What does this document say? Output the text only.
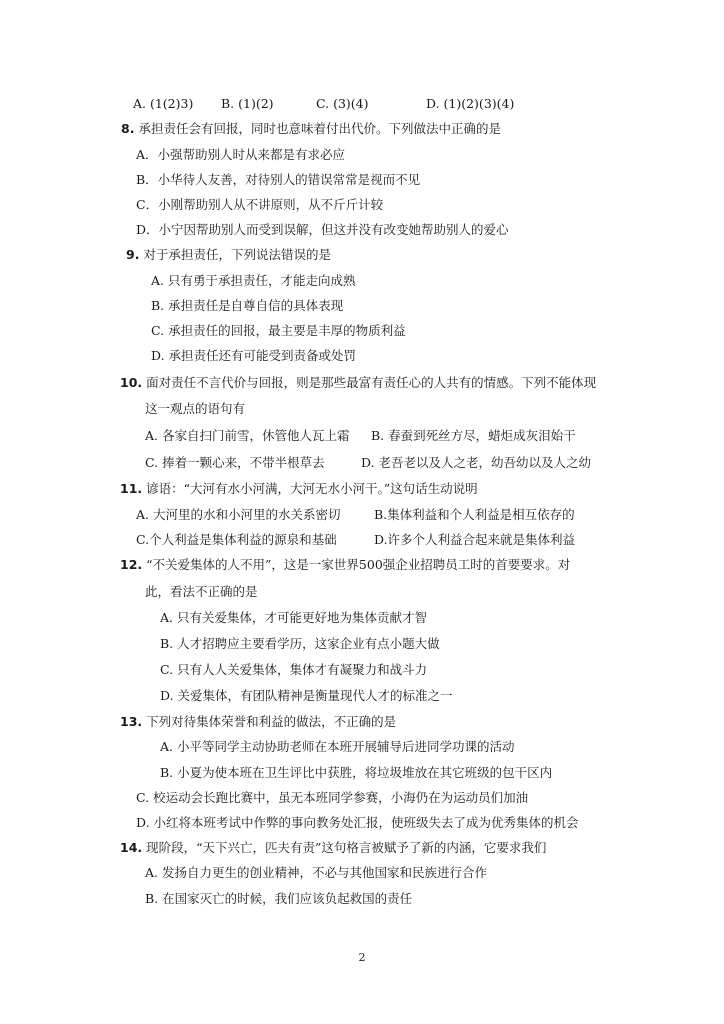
A. (1(2)3) B. (1)(2)	C. (3)(4)	D. (1)(2)(3)(4)
8. 承担责任会有回报，同时也意味着付出代价。下列做法中正确的是
A．小强帮助别人时从来都是有求必应
B．小华待人友善，对待别人的错误常常是视而不见
C．小刚帮助别人从不讲原则，从不斤斤计较
D．小宁因帮助别人而受到误解，但这并没有改变她帮助别人的爱心
9. 对于承担责任，下列说法错误的是
A. 只有勇于承担责任，才能走向成熟
B. 承担责任是自尊自信的具体表现
C. 承担责任的回报，最主要是丰厚的物质利益
D. 承担责任还有可能受到责备或处罚
10. 面对责任不言代价与回报，则是那些最富有责任心的人共有的情感。下列不能体现
这一观点的语句有
A. 各家自扫门前雪，休管他人瓦上霜 B. 春蚕到死丝方尽，蜡炬成灰泪始干
C. 捧着一颗心来，不带半根草去	D. 老吾老以及人之老，幼吾幼以及人之幼
11. 谚语：“大河有水小河满，大河无水小河干。”这句话生动说明
A. 大河里的水和小河里的水关系密切	B.集体利益和个人利益是相互依存的
C.个人利益是集体利益的源泉和基础	D.许多个人利益合起来就是集体利益
12. “不关爱集体的人不用”，这是一家世界500强企业招聘员工时的首要要求。对
此，看法不正确的是
A. 只有关爱集体，才可能更好地为集体贡献才智
B. 人才招聘应主要看学历，这家企业有点小题大做
C. 只有人人关爱集体，集体才有凝聚力和战斗力
D. 关爱集体，有团队精神是衡量现代人才的标准之一
13. 下列对待集体荣誉和利益的做法，不正确的是
A. 小平等同学主动协助老师在本班开展辅导后进同学功课的活动
B. 小夏为使本班在卫生评比中获胜，将垃圾堆放在其它班级的包干区内
C. 校运动会长跑比赛中，虽无本班同学参赛，小海仍在为运动员们加油
D. 小红将本班考试中作弊的事向教务处汇报，使班级失去了成为优秀集体的机会
14. 现阶段，“天下兴亡，匹夫有责”这句格言被赋予了新的内涵，它要求我们
A. 发扬自力更生的创业精神，不必与其他国家和民族进行合作
B. 在国家灭亡的时候，我们应该负起救国的责任
2
